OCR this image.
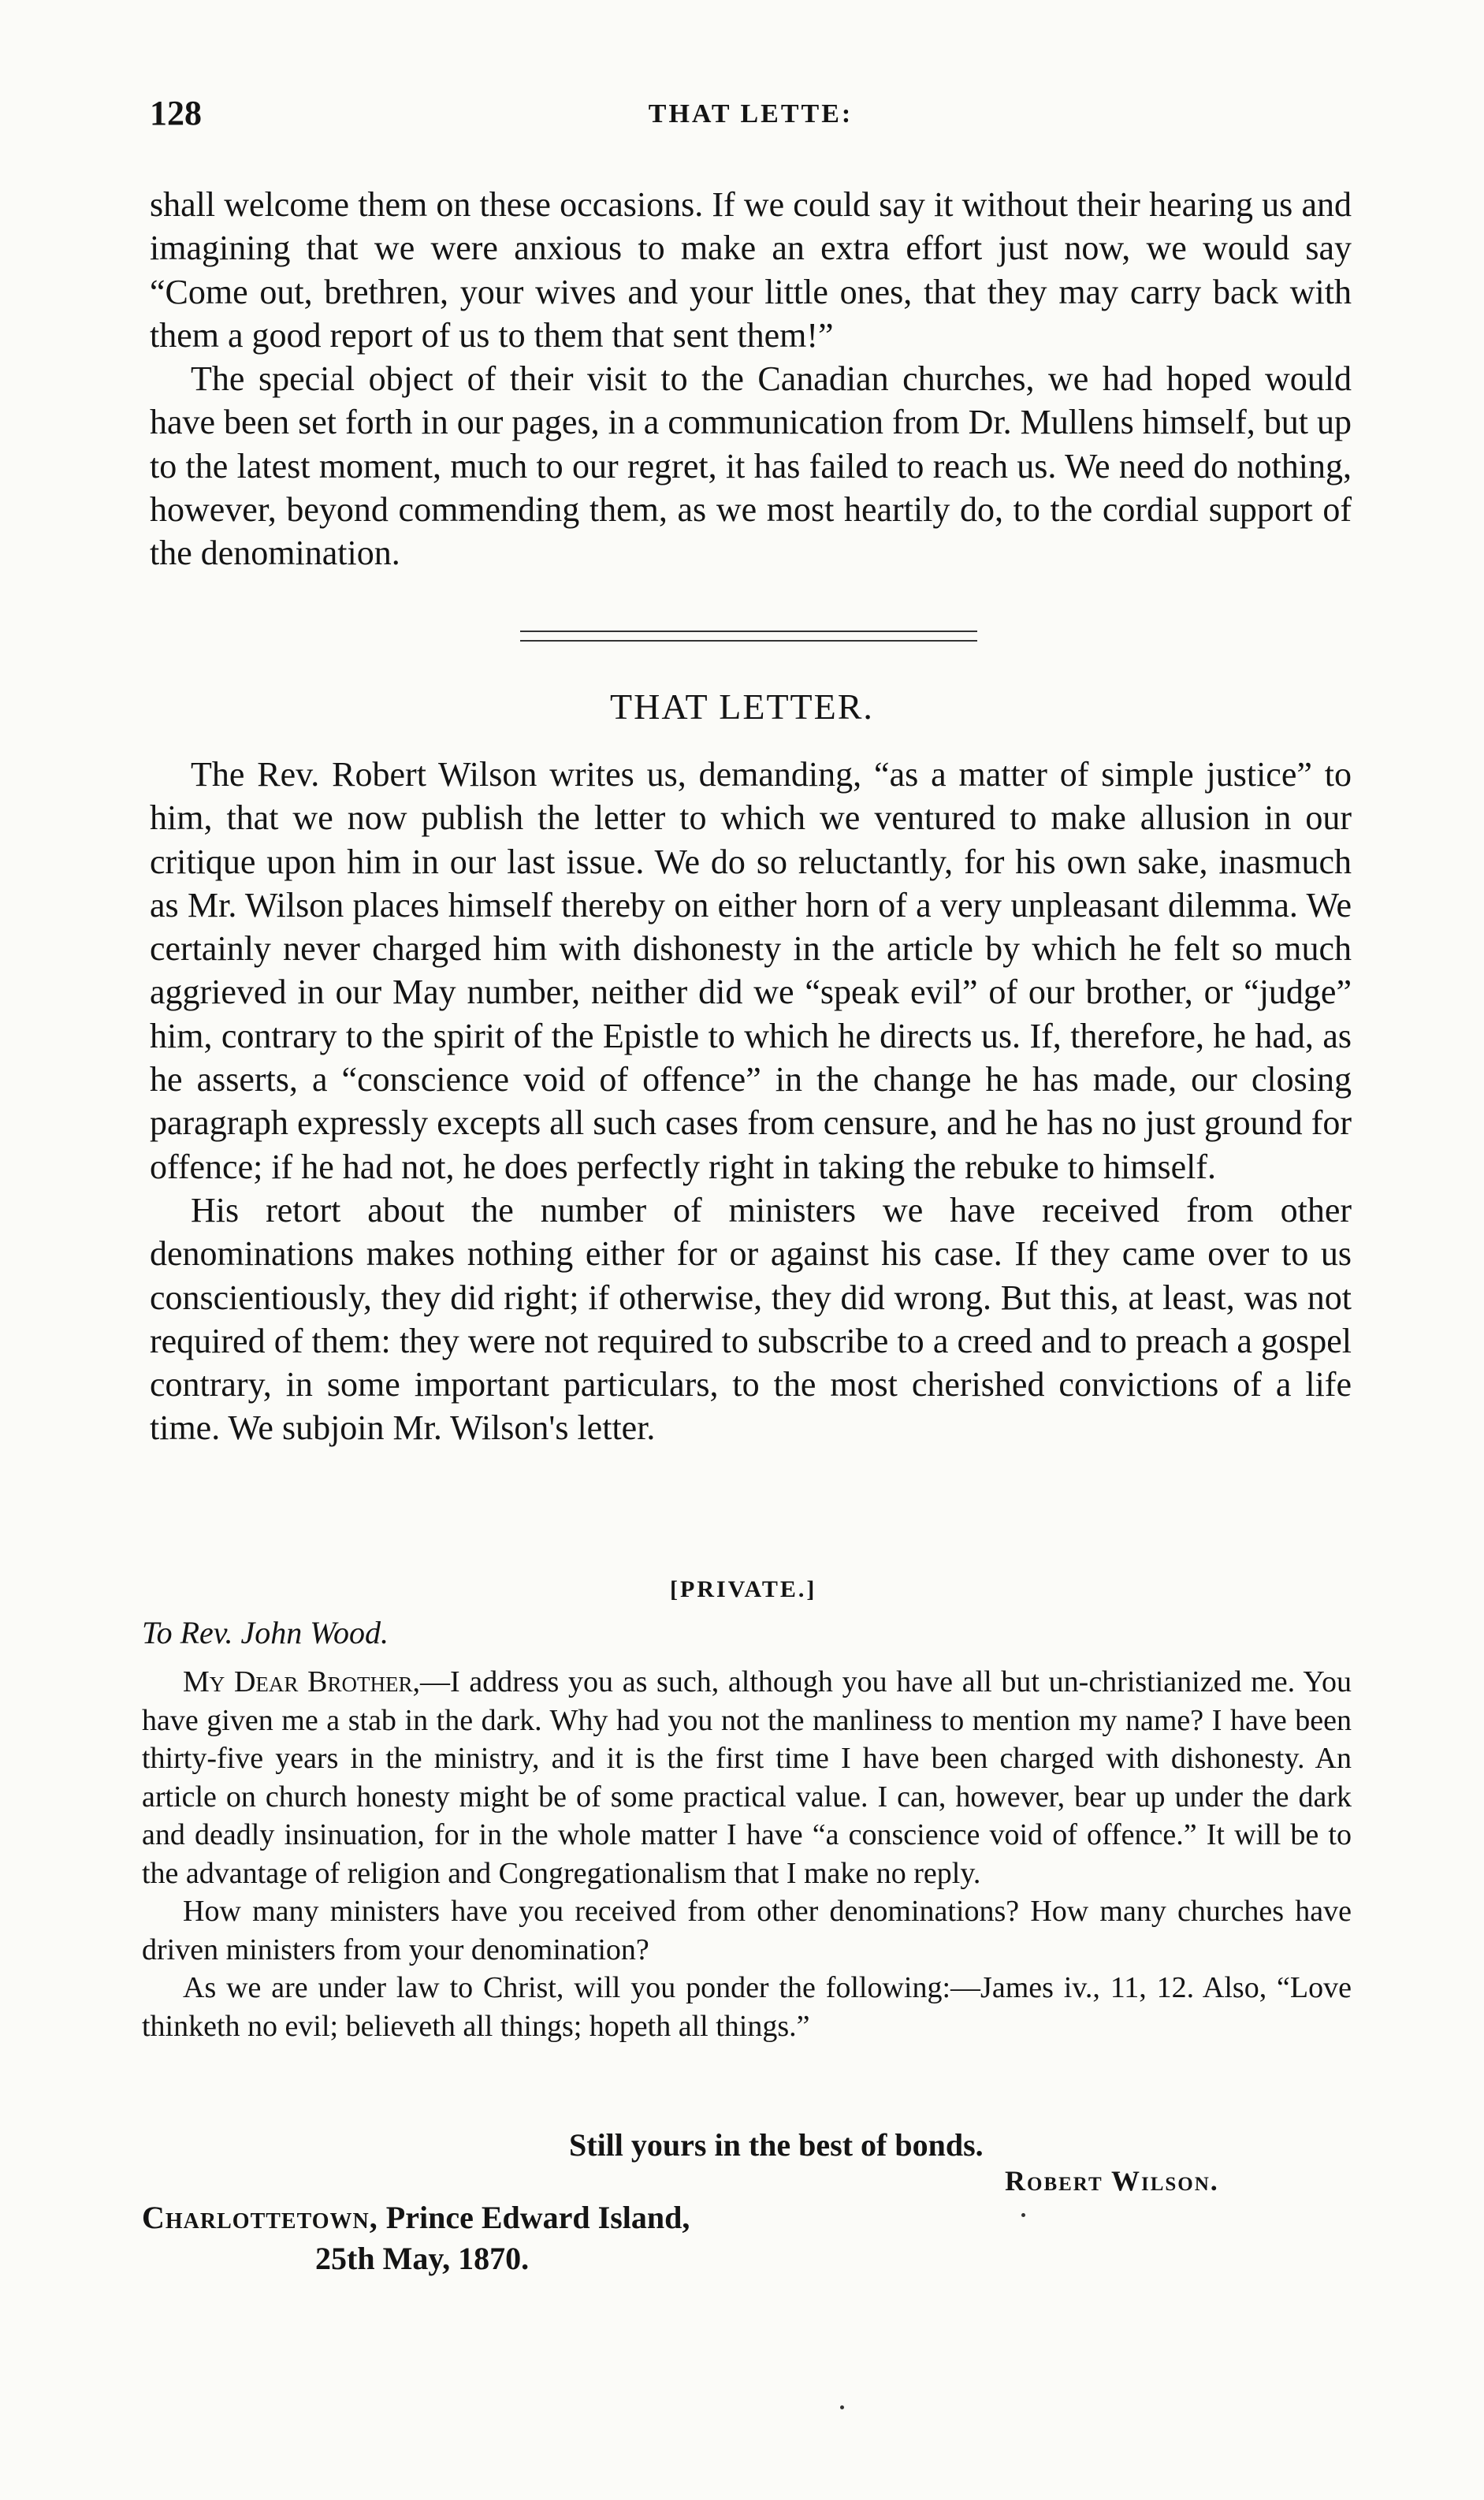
128	THAT LETTE:

shall welcome them on these occasions. If we could say it without their hearing us and imagining that we were anxious to make an extra effort just now, we would say “Come out, brethren, your wives and your little ones, that they may carry back with them a good report of us to them that sent them!”

The special object of their visit to the Canadian churches, we had hoped would have been set forth in our pages, in a communication from Dr. Mullens himself, but up to the latest moment, much to our regret, it has failed to reach us. We need do nothing, however, beyond commending them, as we most heartily do, to the cordial support of the denomination.

THAT LETTER.

The Rev. Robert Wilson writes us, demanding, “as a matter of simple justice” to him, that we now publish the letter to which we ventured to make allusion in our critique upon him in our last issue. We do so reluctantly, for his own sake, inasmuch as Mr. Wilson places himself thereby on either horn of a very unpleasant dilemma. We certainly never charged him with dishonesty in the article by which he felt so much aggrieved in our May number, neither did we “speak evil” of our brother, or “judge” him, contrary to the spirit of the Epistle to which he directs us. If, therefore, he had, as he asserts, a “conscience void of offence” in the change he has made, our closing paragraph expressly excepts all such cases from censure, and he has no just ground for offence; if he had not, he does perfectly right in taking the rebuke to himself.

His retort about the number of ministers we have received from other denominations makes nothing either for or against his case. If they came over to us conscientiously, they did right; if otherwise, they did wrong. But this, at least, was not required of them: they were not required to subscribe to a creed and to preach a gospel contrary, in some important particulars, to the most cherished convictions of a life time. We subjoin Mr. Wilson's letter.

[PRIVATE.]
To Rev. John Wood.

My Dear Brother,—I address you as such, although you have all but un-christianized me. You have given me a stab in the dark. Why had you not the manliness to mention my name? I have been thirty-five years in the ministry, and it is the first time I have been charged with dishonesty. An article on church honesty might be of some practical value. I can, however, bear up under the dark and deadly insinuation, for in the whole matter I have “a conscience void of offence.” It will be to the advantage of religion and Congregationalism that I make no reply.

How many ministers have you received from other denominations? How many churches have driven ministers from your denomination?

As we are under law to Christ, will you ponder the following:—James iv., 11, 12. Also, “Love thinketh no evil; believeth all things; hopeth all things.”

Still yours in the best of bonds.
Robert Wilson.
Charlottetown, Prince Edward Island,
25th May, 1870.
